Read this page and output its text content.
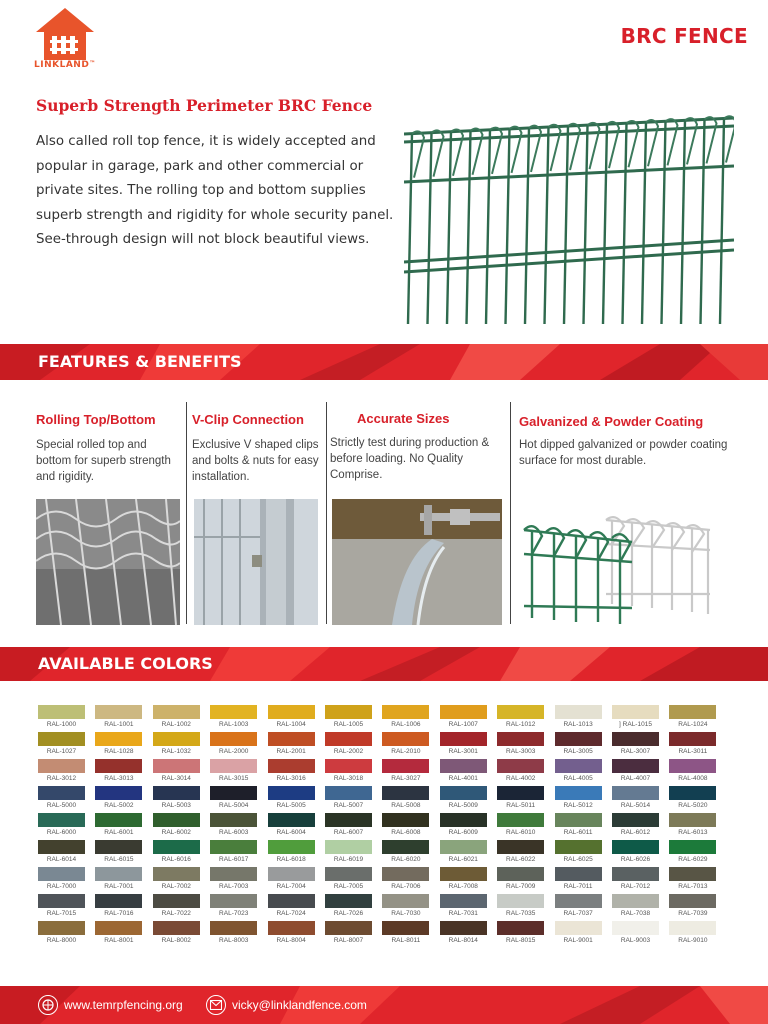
LINKLAND™
BRC FENCE
Superb Strength Perimeter BRC Fence
Also called roll top fence, it is widely accepted and popular in garage, park and other commercial or private sites. The rolling top and bottom supplies superb strength and rigidity for whole security panel. See-through design will not block beautiful views.
FEATURES & BENEFITS
Rolling Top/Bottom
Special rolled top and bottom for superb strength and rigidity.
V-Clip Connection
Exclusive V shaped clips and bolts & nuts for easy installation.
Accurate Sizes
Strictly test during production & before loading. No Quality Comprise.
Galvanized & Powder Coating
Hot dipped galvanized or powder coating surface for most durable.
AVAILABLE COLORS
RAL-1000	RAL-1001	RAL-1002	RAL-1003	RAL-1004	RAL-1005	RAL-1006	RAL-1007	RAL-1012	RAL-1013	] RAL-1015	RAL-1024
RAL-1027	RAL-1028	RAL-1032	RAL-2000	RAL-2001	RAL-2002	RAL-2010	RAL-3001	RAL-3003	RAL-3005	RAL-3007	RAL-3011
RAL-3012	RAL-3013	RAL-3014	RAL-3015	RAL-3016	RAL-3018	RAL-3027	RAL-4001	RAL-4002	RAL-4005	RAL-4007	RAL-4008
RAL-5000	RAL-5002	RAL-5003	RAL-5004	RAL-5005	RAL-5007	RAL-5008	RAL-5009	RAL-5011	RAL-5012	RAL-5014	RAL-5020
RAL-6000	RAL-6001	RAL-6002	RAL-6003	RAL-6004	RAL-6007	RAL-6008	RAL-6009	RAL-6010	RAL-6011	RAL-6012	RAL-6013
RAL-6014	RAL-6015	RAL-6016	RAL-6017	RAL-6018	RAL-6019	RAL-6020	RAL-6021	RAL-6022	RAL-6025	RAL-6026	RAL-6029
RAL-7000	RAL-7001	RAL-7002	RAL-7003	RAL-7004	RAL-7005	RAL-7006	RAL-7008	RAL-7009	RAL-7011	RAL-7012	RAL-7013
RAL-7015	RAL-7016	RAL-7022	RAL-7023	RAL-7024	RAL-7026	RAL-7030	RAL-7031	RAL-7035	RAL-7037	RAL-7038	RAL-7039
RAL-8000	RAL-8001	RAL-8002	RAL-8003	RAL-8004	RAL-8007	RAL-8011	RAL-8014	RAL-8015	RAL-9001	RAL-9003	RAL-9010
www.temrpfencing.org	vicky@linklandfence.com
